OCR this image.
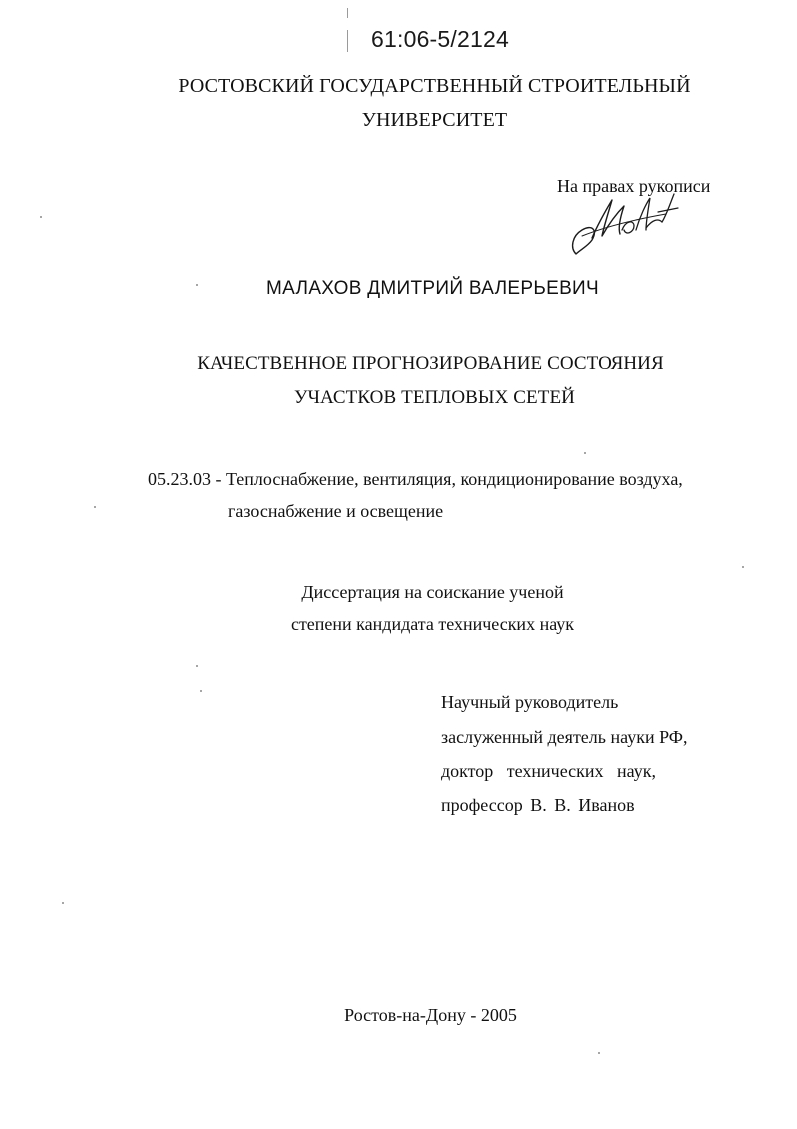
61:06-5/2124
РОСТОВСКИЙ ГОСУДАРСТВЕННЫЙ СТРОИТЕЛЬНЫЙ
УНИВЕРСИТЕТ
На правах рукописи
МАЛАХОВ ДМИТРИЙ ВАЛЕРЬЕВИЧ
КАЧЕСТВЕННОЕ ПРОГНОЗИРОВАНИЕ СОСТОЯНИЯ
УЧАСТКОВ ТЕПЛОВЫХ СЕТЕЙ
05.23.03 - Теплоснабжение, вентиляция, кондиционирование воздуха,
газоснабжение и освещение
Диссертация на соискание ученой
степени кандидата технических наук
Научный руководитель
заслуженный деятель науки РФ,
доктор технических наук,
профессор В. В. Иванов
Ростов-на-Дону - 2005
